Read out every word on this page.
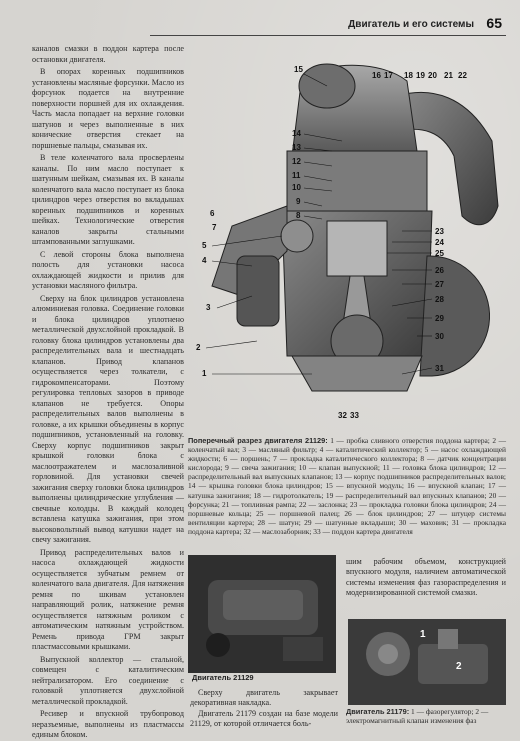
Двигатель и его системы 65

каналов смазки в поддон картера после остановки двигателя.

В опорах коренных подшипников установлены масляные форсунки. Масло из форсунок подается на внутренние поверхности поршней для их охлаждения. Часть масла попадает на верхние головки шатунов и через выполненные в них конические отверстия стекает на поршневые пальцы, смазывая их.

В теле коленчатого вала просверлены каналы. По ним масло поступает к шатунным шейкам, смазывая их. В каналы коленчатого вала масло поступает из блока цилиндров через отверстия во вкладышах коренных подшипников и коренных шейках. Технологические отверстия каналов закрыты стальными штампованными заглушками.

С левой стороны блока выполнена полость для установки насоса охлаждающей жидкости и прилив для установки масляного фильтра.

Сверху на блок цилиндров установлена алюминиевая головка. Соединение головки и блока цилиндров уплотнено металлической двухслойной прокладкой. В головку блока цилиндров установлены два распределительных вала и шестнадцать клапанов. Привод клапанов осуществляется через толкатели, с гидрокомпенсаторами. Поэтому регулировка тепловых зазоров в приводе клапанов не требуется. Опоры распределительных валов выполнены в головке, а их крышки объединены в корпус подшипников, установленный на головку. Сверху корпус подшипников закрыт крышкой головки блока с маслоотражателем и маслозаливной горловиной. Для установки свечей зажигания сверху головки блока цилиндров выполнены цилиндрические углубления — свечные колодцы. В каждый колодец вставлена катушка зажигания, при этом высоковольтный вывод катушки надет на свечу зажигания.

Привод распределительных валов и насоса охлаждающей жидкости осуществляется зубчатым ремнем от коленчатого вала двигателя. Для натяжения ремня по шкивам установлен направляющий ролик, натяжение ремня осуществляется натяжным роликом с автоматическим натяжным устройством. Ремень привода ГРМ закрыт пластмассовыми крышками.

Выпускной коллектор — стальной, совмещен с каталитическим нейтрализатором. Его соединение с головкой уплотняется двухслойной металлической прокладкой.

Ресивер и впускной трубопровод неразъемные, выполнены из пластмассы единым блоком.

15
14
13
12
11
10
9
8
7
6
5
4
3
2
1
16 17 18 19 20 21 22
23
24
25
26
27
28
29
30
31
32 33
Поперечный разрез двигателя 21129: 1 — пробка сливного отверстия поддона картера; 2 — коленчатый вал; 3 — масляный фильтр; 4 — каталитический коллектор; 5 — насос охлаждающей жидкости; 6 — поршень; 7 — прокладка каталитического коллектора; 8 — датчик концентрации кислорода; 9 — свеча зажигания; 10 — клапан выпускной; 11 — головка блока цилиндров; 12 — распределительный вал выпускных клапанов; 13 — корпус подшипников распределительных валов; 14 — крышка головки блока цилиндров; 15 — впускной модуль; 16 — впускной клапан; 17 — катушка зажигания; 18 — гидротолкатель; 19 — распределительный вал впускных клапанов; 20 — форсунка; 21 — топливная рампа; 22 — заслонка; 23 — прокладка головки блока цилиндров; 24 — поршневые кольца; 25 — поршневой палец; 26 — блок цилиндров; 27 — штуцер системы вентиляции картера; 28 — шатун; 29 — шатунные вкладыши; 30 — маховик; 31 — прокладка поддона картера; 32 — маслозаборник; 33 — поддон картера двигателя
Двигатель 21129

Сверху двигатель закрывает декоративная накладка.

Двигатель 21179 создан на базе модели 21129, от которой отличается боль-

шим рабочим объемом, конструкцией впускного модуля, наличием автоматической системы изменения фаз газораспределения и модернизированной системой смазки.

1
2
Двигатель 21179: 1 — фазорегулятор; 2 — электромагнитный клапан изменения фаз
